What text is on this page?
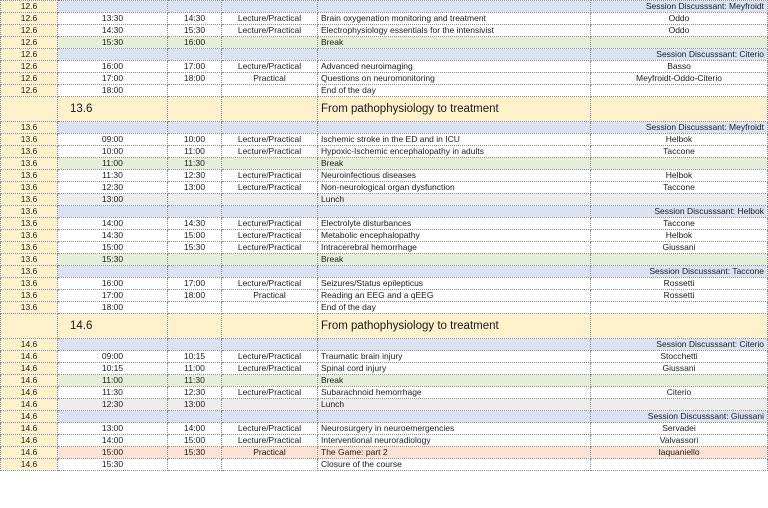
12.6					Session Discusssant: Meyfroidt
12.6	13:30	14:30	Lecture/Practical	Brain oxygenation monitoring and treatment	Oddo
12.6	14:30	15:30	Lecture/Practical	Electrophysiology essentials for the intensivist	Oddo
12.6	15:30	16:00		Break	
12.6					Session Discusssant: Citerio
12.6	16:00	17:00	Lecture/Practical	Advanced neuroimaging	Basso
12.6	17:00	18:00	Practical	Questions on neuromonitoring	Meyfroidt-Oddo-Citerio
12.6	18:00			End of the day	
	13.6			From pathophysiology to treatment	
13.6					Session Discusssant: Meyfroidt
13.6	09:00	10:00	Lecture/Practical	Ischemic stroke in the ED and in ICU	Helbok
13.6	10:00	11:00	Lecture/Practical	Hypoxic-Ischemic encephalopathy in adults	Taccone
13.6	11:00	11:30		Break	
13.6	11:30	12:30	Lecture/Practical	Neuroinfectious diseases	Helbok
13.6	12:30	13:00	Lecture/Practical	Non-neurological organ dysfunction	Taccone
13.6	13:00			Lunch	
13.6					Session Discusssant: Helbok
13.6	14:00	14:30	Lecture/Practical	Electrolyte disturbances	Taccone
13.6	14:30	15:00	Lecture/Practical	Metabolic encephalopathy	Helbok
13.6	15:00	15:30	Lecture/Practical	Intracerebral hemorrhage	Giussani
13.6	15:30			Break	
13.6					Session Discusssant: Taccone
13.6	16:00	17:00	Lecture/Practical	Seizures/Status epilepticus	Rossetti
13.6	17:00	18:00	Practical	Reading an EEG and a qEEG	Rossetti
13.6	18:00			End of the day	
	14.6			From pathophysiology to treatment	
14.6					Session Discusssant: Citerio
14.6	09:00	10:15	Lecture/Practical	Traumatic brain injury	Stocchetti
14.6	10:15	11:00	Lecture/Practical	Spinal cord injury	Giussani
14.6	11:00	11:30		Break	
14.6	11:30	12:30	Lecture/Practical	Subarachnoid hemorrhage	Citerio
14.6	12:30	13:00		Lunch	
14.6					Session Discusssant: Giussani
14.6	13:00	14:00	Lecture/Practical	Neurosurgery in neuroemergencies	Servadei
14.6	14:00	15:00	Lecture/Practical	Interventional neuroradiology	Valvassori
14.6	15:00	15:30	Practical	The Game: part 2	Iaquaniello
14.6	15:30			Closure of the course	
